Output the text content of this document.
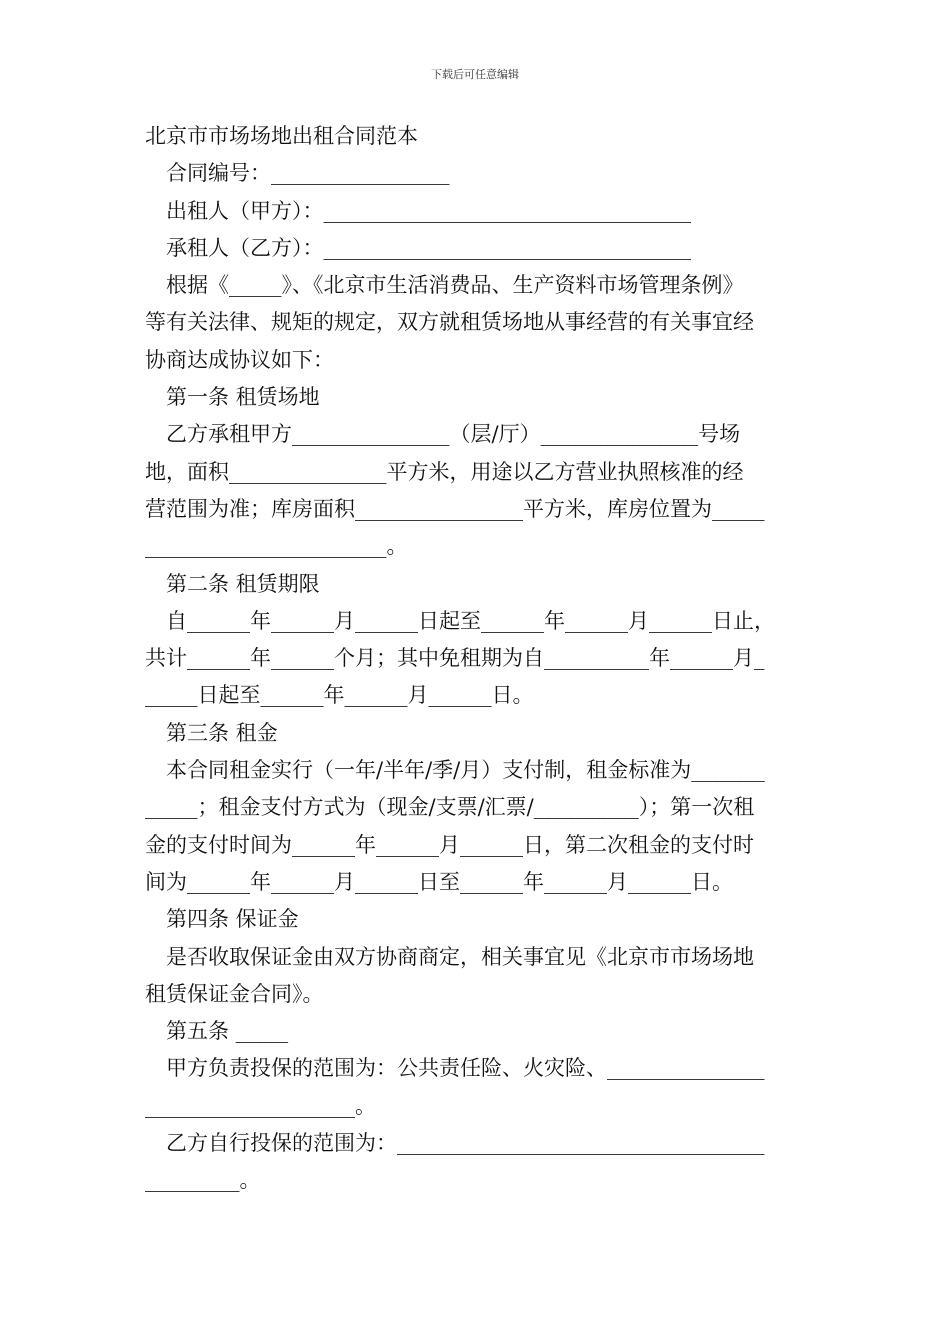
下载后可任意编辑
北京市市场场地出租合同范本
合同编号：_________________
出租人（甲方）：___________________________________
承租人（乙方）：___________________________________
根据《_____》、《北京市生活消费品、生产资料市场管理条例》
等有关法律、规矩的规定，双方就租赁场地从事经营的有关事宜经
协商达成协议如下：
第一条 租赁场地
乙方承租甲方_______________（层/厅）_______________号场
地，面积_______________平方米，用途以乙方营业执照核准的经
营范围为准；库房面积________________平方米，库房位置为_____
_______________________。
第二条 租赁期限
自______年______月______日起至______年______月______日止，
共计______年______个月；其中免租期为自__________年______月_
_____日起至______年______月______日。
第三条 租金
本合同租金实行（一年/半年/季/月）支付制，租金标准为_______
_____；租金支付方式为（现金/支票/汇票/__________）；第一次租
金的支付时间为______年______月______日，第二次租金的支付时
间为______年______月______日至______年______月______日。
第四条 保证金
是否收取保证金由双方协商商定，相关事宜见《北京市市场场地
租赁保证金合同》。
第五条 _____
甲方负责投保的范围为：公共责任险、火灾险、_______________
____________________。
乙方自行投保的范围为：___________________________________
_________。
